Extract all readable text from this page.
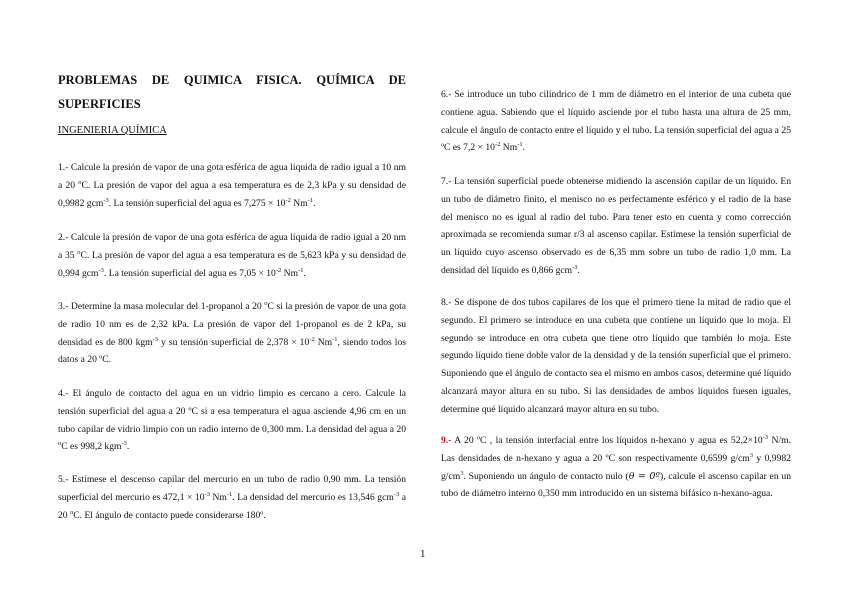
PROBLEMAS DE QUIMICA FISICA. QUÍMICA DE SUPERFICIES
INGENIERIA QUÍMICA
1.- Calcule la presión de vapor de una gota esférica de agua líquida de radio igual a 10 nm a 20 $^o$C. La presión de vapor del agua a esa temperatura es de 2,3 kPa y su densidad de 0,9982 gcm$^{-3}$. La tensión superficial del agua es $7,275 \times 10^{-2}$ $Nm^{-1}$.
2.- Calcule la presión de vapor de una gota esférica de agua líquida de radio igual a 20 nm a 35 $^o$C. La presión de vapor del agua a esa temperatura es de 5,623 kPa y su densidad de 0,994 gcm$^{-3}$. La tensión superficial del agua es $7,05 \times 10^{-2}$ $Nm^{-1}$.
3.- Determine la masa molecular del 1-propanol a 20 $^o$C si la presión de vapor de una gota de radio 10 nm es de 2,32 kPa. La presión de vapor del 1-propanol es de 2 kPa, su densidad es de 800 kgm$^{-3}$ y su tensión superficial de $2,378 \times 10^{-2}$ $Nm^{-1}$, siendo todos los datos a 20 ºC.
4.- El ángulo de contacto del agua en un vidrio limpio es cercano a cero. Calcule la tensión superficial del agua a 20 ºC si a esa temperatura el agua asciende 4,96 cm en un tubo capilar de vidrio limpio con un radio interno de 0,300 mm. La densidad del agua a 20 $^o$C es 998,2 kgm$^{-3}$.
5.- Estímese el descenso capilar del mercurio en un tubo de radio 0,90 mm. La tensión superficial del mercurio es $472,1 \times 10^{-3}$ $Nm^{-1}$. La densidad del mercurio es 13,546 gcm$^{-3}$ a 20 $^o$C. El ángulo de contacto puede considerarse 180º.
6.- Se introduce un tubo cilíndrico de 1 mm de diámetro en el interior de una cubeta que contiene agua. Sabiendo que el líquido asciende por el tubo hasta una altura de 25 mm, calcule el ángulo de contacto entre el líquido y el tubo. La tensión superficial del agua a 25 ºC es $7,2 \times 10^{-2}$ $Nm^{-1}$.
7.- La tensión superficial puede obtenerse midiendo la ascensión capilar de un líquido. En un tubo de diámetro finito, el menisco no es perfectamente esférico y el radio de la base del menisco no es igual al radio del tubo. Para tener esto en cuenta y como corrección aproximada se recomienda sumar r/3 al ascenso capilar. Estímese la tensión superficial de un líquido cuyo ascenso observado es de 6,35 mm sobre un tubo de radio 1,0 mm. La densidad del líquido es 0,866 gcm$^{-3}$.
8.- Se dispone de dos tubos capilares de los que el primero tiene la mitad de radio que el segundo. El primero se introduce en una cubeta que contiene un líquido que lo moja. El segundo se introduce en otra cubeta que tiene otro líquido que también lo moja. Este segundo líquido tiene doble valor de la densidad y de la tensión superficial que el primero. Suponiendo que el ángulo de contacto sea el mismo en ambos casos, determine qué líquido alcanzará mayor altura en su tubo. Si las densidades de ambos líquidos fuesen iguales, determine qué líquido alcanzará mayor altura en su tubo.
9.- A 20 ºC , la tensión interfacial entre los líquidos n-hexano y agua es $52,2\times 10^{-3}$ N/m. Las densidades de n-hexano y agua a 20 ºC son respectivamente 0,6599 $g/cm^3$ y 0,9982 $g/cm^3$. Suponiendo un ángulo de contacto nulo (θ = 0º), calcule el ascenso capilar en un tubo de diámetro interno 0,350 mm introducido en un sistema bifásico n-hexano-agua.
1
